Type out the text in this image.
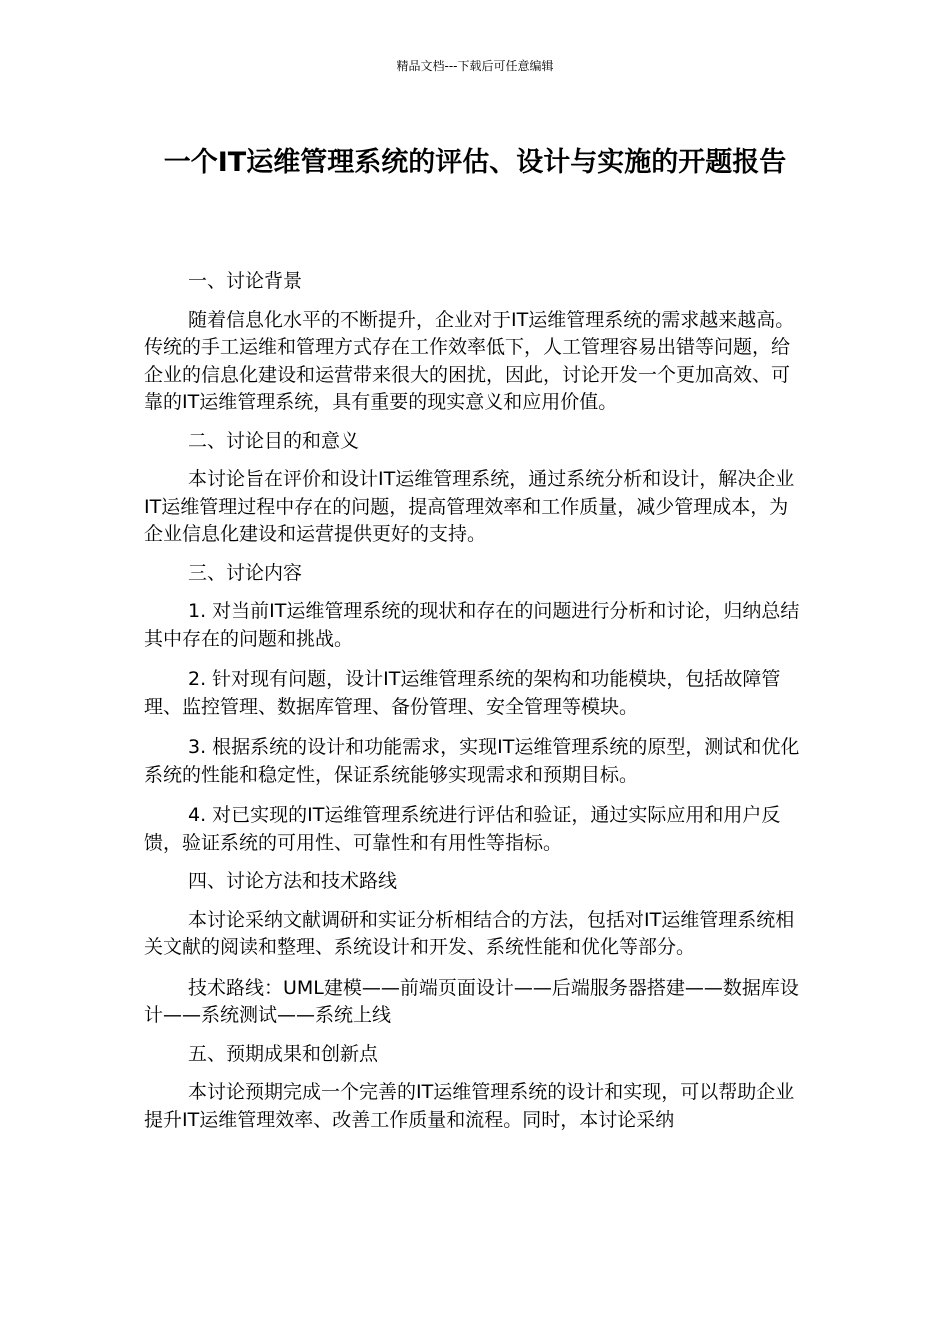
精品文档---下载后可任意编辑
一个IT运维管理系统的评估、设计与实施的开题报告

一、讨论背景

随着信息化水平的不断提升，企业对于IT运维管理系统的需求越来越高。传统的手工运维和管理方式存在工作效率低下，人工管理容易出错等问题，给企业的信息化建设和运营带来很大的困扰，因此，讨论开发一个更加高效、可靠的IT运维管理系统，具有重要的现实意义和应用价值。

二、讨论目的和意义

本讨论旨在评价和设计IT运维管理系统，通过系统分析和设计，解决企业IT运维管理过程中存在的问题，提高管理效率和工作质量，减少管理成本，为企业信息化建设和运营提供更好的支持。

三、讨论内容

1. 对当前IT运维管理系统的现状和存在的问题进行分析和讨论，归纳总结其中存在的问题和挑战。

2. 针对现有问题，设计IT运维管理系统的架构和功能模块，包括故障管理、监控管理、数据库管理、备份管理、安全管理等模块。

3. 根据系统的设计和功能需求，实现IT运维管理系统的原型，测试和优化系统的性能和稳定性，保证系统能够实现需求和预期目标。

4. 对已实现的IT运维管理系统进行评估和验证，通过实际应用和用户反馈，验证系统的可用性、可靠性和有用性等指标。

四、讨论方法和技术路线

本讨论采纳文献调研和实证分析相结合的方法，包括对IT运维管理系统相关文献的阅读和整理、系统设计和开发、系统性能和优化等部分。

技术路线：UML建模——前端页面设计——后端服务器搭建——数据库设计——系统测试——系统上线

五、预期成果和创新点

本讨论预期完成一个完善的IT运维管理系统的设计和实现，可以帮助企业提升IT运维管理效率、改善工作质量和流程。同时，本讨论采纳
